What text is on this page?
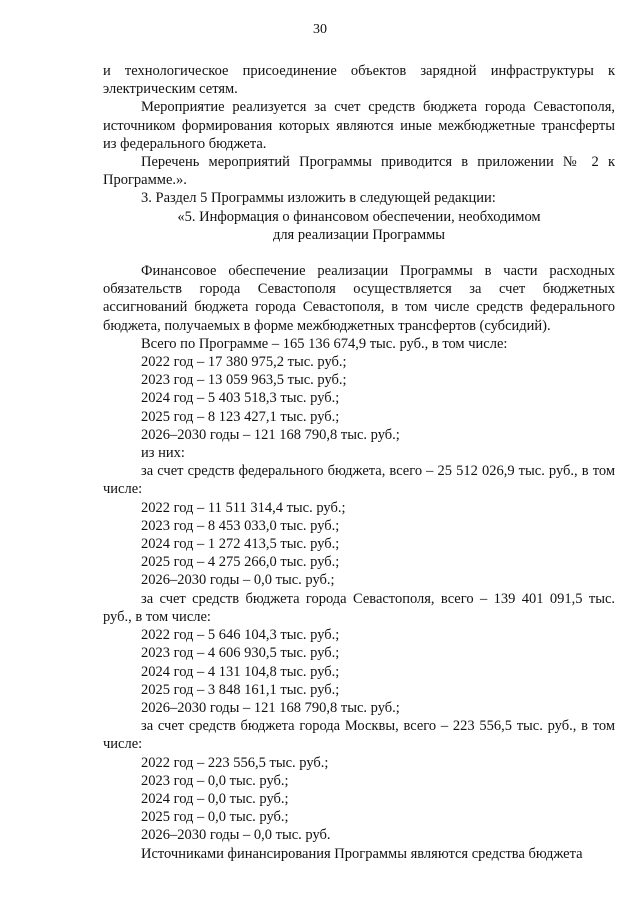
30

и технологическое присоединение объектов зарядной инфраструктуры к электрическим сетям.

Мероприятие реализуется за счет средств бюджета города Севастополя, источником формирования которых являются иные межбюджетные трансферты из федерального бюджета.

Перечень мероприятий Программы приводится в приложении № 2 к Программе.».

3. Раздел 5 Программы изложить в следующей редакции:

«5. Информация о финансовом обеспечении, необходимом

для реализации Программы

Финансовое обеспечение реализации Программы в части расходных обязательств города Севастополя осуществляется за счет бюджетных ассигнований бюджета города Севастополя, в том числе средств федерального бюджета, получаемых в форме межбюджетных трансфертов (субсидий).

Всего по Программе – 165 136 674,9 тыс. руб., в том числе:

2022 год – 17 380 975,2 тыс. руб.;

2023 год – 13 059 963,5 тыс. руб.;

2024 год – 5 403 518,3 тыс. руб.;

2025 год – 8 123 427,1 тыс. руб.;

2026–2030 годы – 121 168 790,8 тыс. руб.;

из них:

за счет средств федерального бюджета, всего – 25 512 026,9 тыс. руб., в том числе:

2022 год – 11 511 314,4 тыс. руб.;

2023 год – 8 453 033,0 тыс. руб.;

2024 год – 1 272 413,5 тыс. руб.;

2025 год – 4 275 266,0 тыс. руб.;

2026–2030 годы – 0,0 тыс. руб.;

за счет средств бюджета города Севастополя, всего – 139 401 091,5 тыс. руб., в том числе:

2022 год – 5 646 104,3 тыс. руб.;

2023 год – 4 606 930,5 тыс. руб.;

2024 год – 4 131 104,8 тыс. руб.;

2025 год – 3 848 161,1 тыс. руб.;

2026–2030 годы – 121 168 790,8 тыс. руб.;

за счет средств бюджета города Москвы, всего – 223 556,5 тыс. руб., в том числе:

2022 год – 223 556,5 тыс. руб.;

2023 год – 0,0 тыс. руб.;

2024 год – 0,0 тыс. руб.;

2025 год – 0,0 тыс. руб.;

2026–2030 годы – 0,0 тыс. руб.

Источниками финансирования Программы являются средства бюджета
